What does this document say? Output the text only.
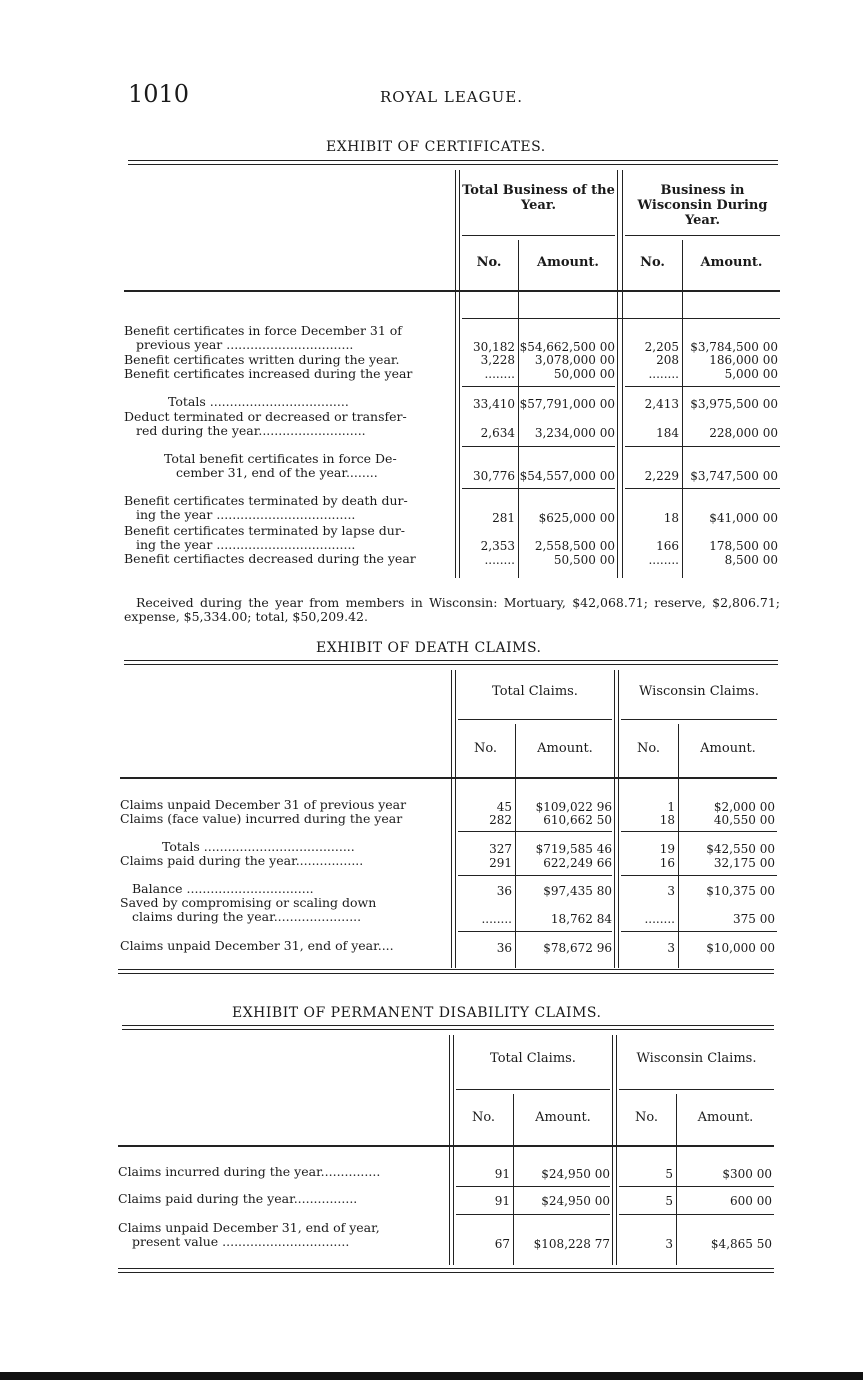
1010	ROYAL LEAGUE.
EXHIBIT OF CERTIFICATES.
Total Business of the Year.
Business in Wisconsin During Year.
No.	Amount.	No.	Amount.
Benefit certificates in force December 31 of
previous year ................................	30,182 $54,662,500 00	2,205 $3,784,500 00
Benefit certificates written during the year.	3,228	3,078,000 00	208	186,000 00
Benefit certificates increased during the year	........	50,000 00	........	5,000 00
Totals ...................................	33,410 $57,791,000 00	2,413 $3,975,500 00
Deduct terminated or decreased or transfer-
red during the year...........................	2,634	3,234,000 00	184	228,000 00
Total benefit certificates in force De-
cember 31, end of the year........	30,776 $54,557,000 00	2,229 $3,747,500 00
Benefit certificates terminated by death dur-
ing the year ...................................	281	$625,000 00	18	$41,000 00
Benefit certificates terminated by lapse dur-
ing the year ...................................	2,353	2,558,500 00	166	178,500 00
Benefit certifiactes decreased during the year	........	50,500 00	........	8,500 00
Received during the year from members in Wisconsin: Mortuary, $42,068.71; reserve, $2,806.71; expense, $5,334.00; total, $50,209.42.
EXHIBIT OF DEATH CLAIMS.
Total Claims.	Wisconsin Claims.
No.	Amount.	No.	Amount.
Claims unpaid December 31 of previous year	45	$109,022 96	1	$2,000 00
Claims (face value) incurred during the year	282	610,662 50	18	40,550 00
Totals ......................................	327	$719,585 46	19	$42,550 00
Claims paid during the year.................	291	622,249 66	16	32,175 00
Balance ................................	36	$97,435 80	3	$10,375 00
Saved by compromising or scaling down
claims during the year......................	........	18,762 84	........	375 00
Claims unpaid December 31, end of year....	36	$78,672 96	3	$10,000 00
EXHIBIT OF PERMANENT DISABILITY CLAIMS.
Total Claims.	Wisconsin Claims.
No.	Amount.	No.	Amount.
Claims incurred during the year...............	91	$24,950 00	5	$300 00
Claims paid during the year................	91	$24,950 00	5	600 00
Claims unpaid December 31, end of year,
present value ................................	67	$108,228 77	3	$4,865 50
